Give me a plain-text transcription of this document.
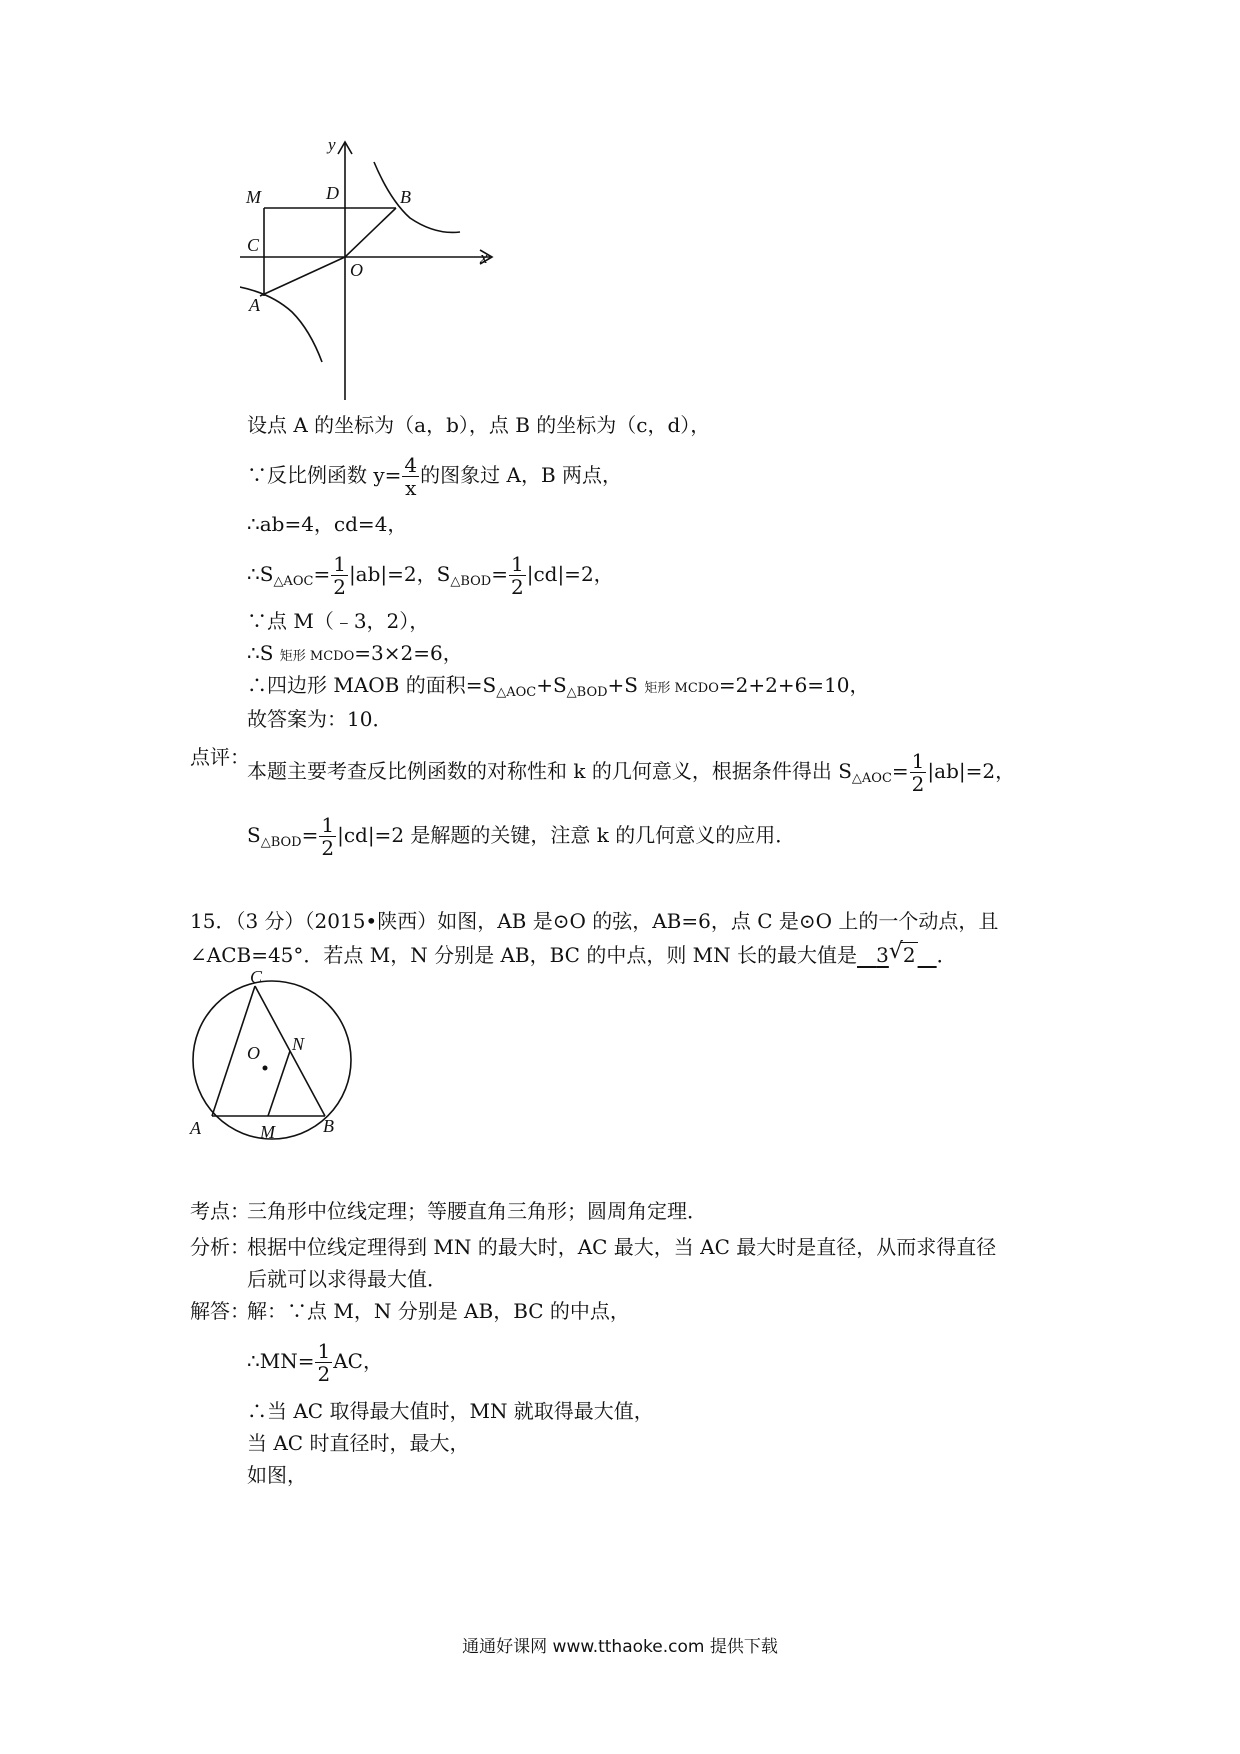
y
x
M	D	B
C
O
A
设点 A 的坐标为（a，b），点 B 的坐标为（c，d），
∵反比例函数 $y= \frac{4}{x}$ 的图象过 A，B 两点，
∴ab=4，cd=4，
$\therefore S_{\triangle AOC}= \frac{1}{2} |ab|=2$，$S_{\triangle BOD}= \frac{1}{2} |cd|=2$，
∵点 M（﹣3，2），
∴S 矩形 MCDO=3×2=6，
∴四边形 MAOB 的面积$=S_{\triangle AOC}+S_{\triangle BOD}+S$ 矩形 MCDO=2+2+6=10，
故答案为：10．
点评：
本题主要考查反比例函数的对称性和 k 的几何意义，根据条件得出 $S_{\triangle AOC}= \frac{1}{2} |ab|=2$，
$S_{\triangle BOD}= \frac{1}{2} |cd|=2$ 是解题的关键，注意 k 的几何意义的应用．
15．（3 分）（2015•陕西）如图，AB 是⊙O 的弦，AB=6，点 C 是⊙O 上的一个动点，且
∠ACB=45°．若点 M，N 分别是 AB，BC 的中点，则 MN 长的最大值是 3 √ 2 ．
C
O N
A	M	B
考点：
三角形中位线定理；等腰直角三角形；圆周角定理．
分析：
根据中位线定理得到 MN 的最大时，AC 最大，当 AC 最大时是直径，从而求得直径
后就可以求得最大值．
解答：
解：∵点 M，N 分别是 AB，BC 的中点，
∴MN= $\frac{1}{2}$ AC，
∴当 AC 取得最大值时，MN 就取得最大值，
当 AC 时直径时，最大，
如图，
通通好课网 www.tthaoke.com 提供下载
